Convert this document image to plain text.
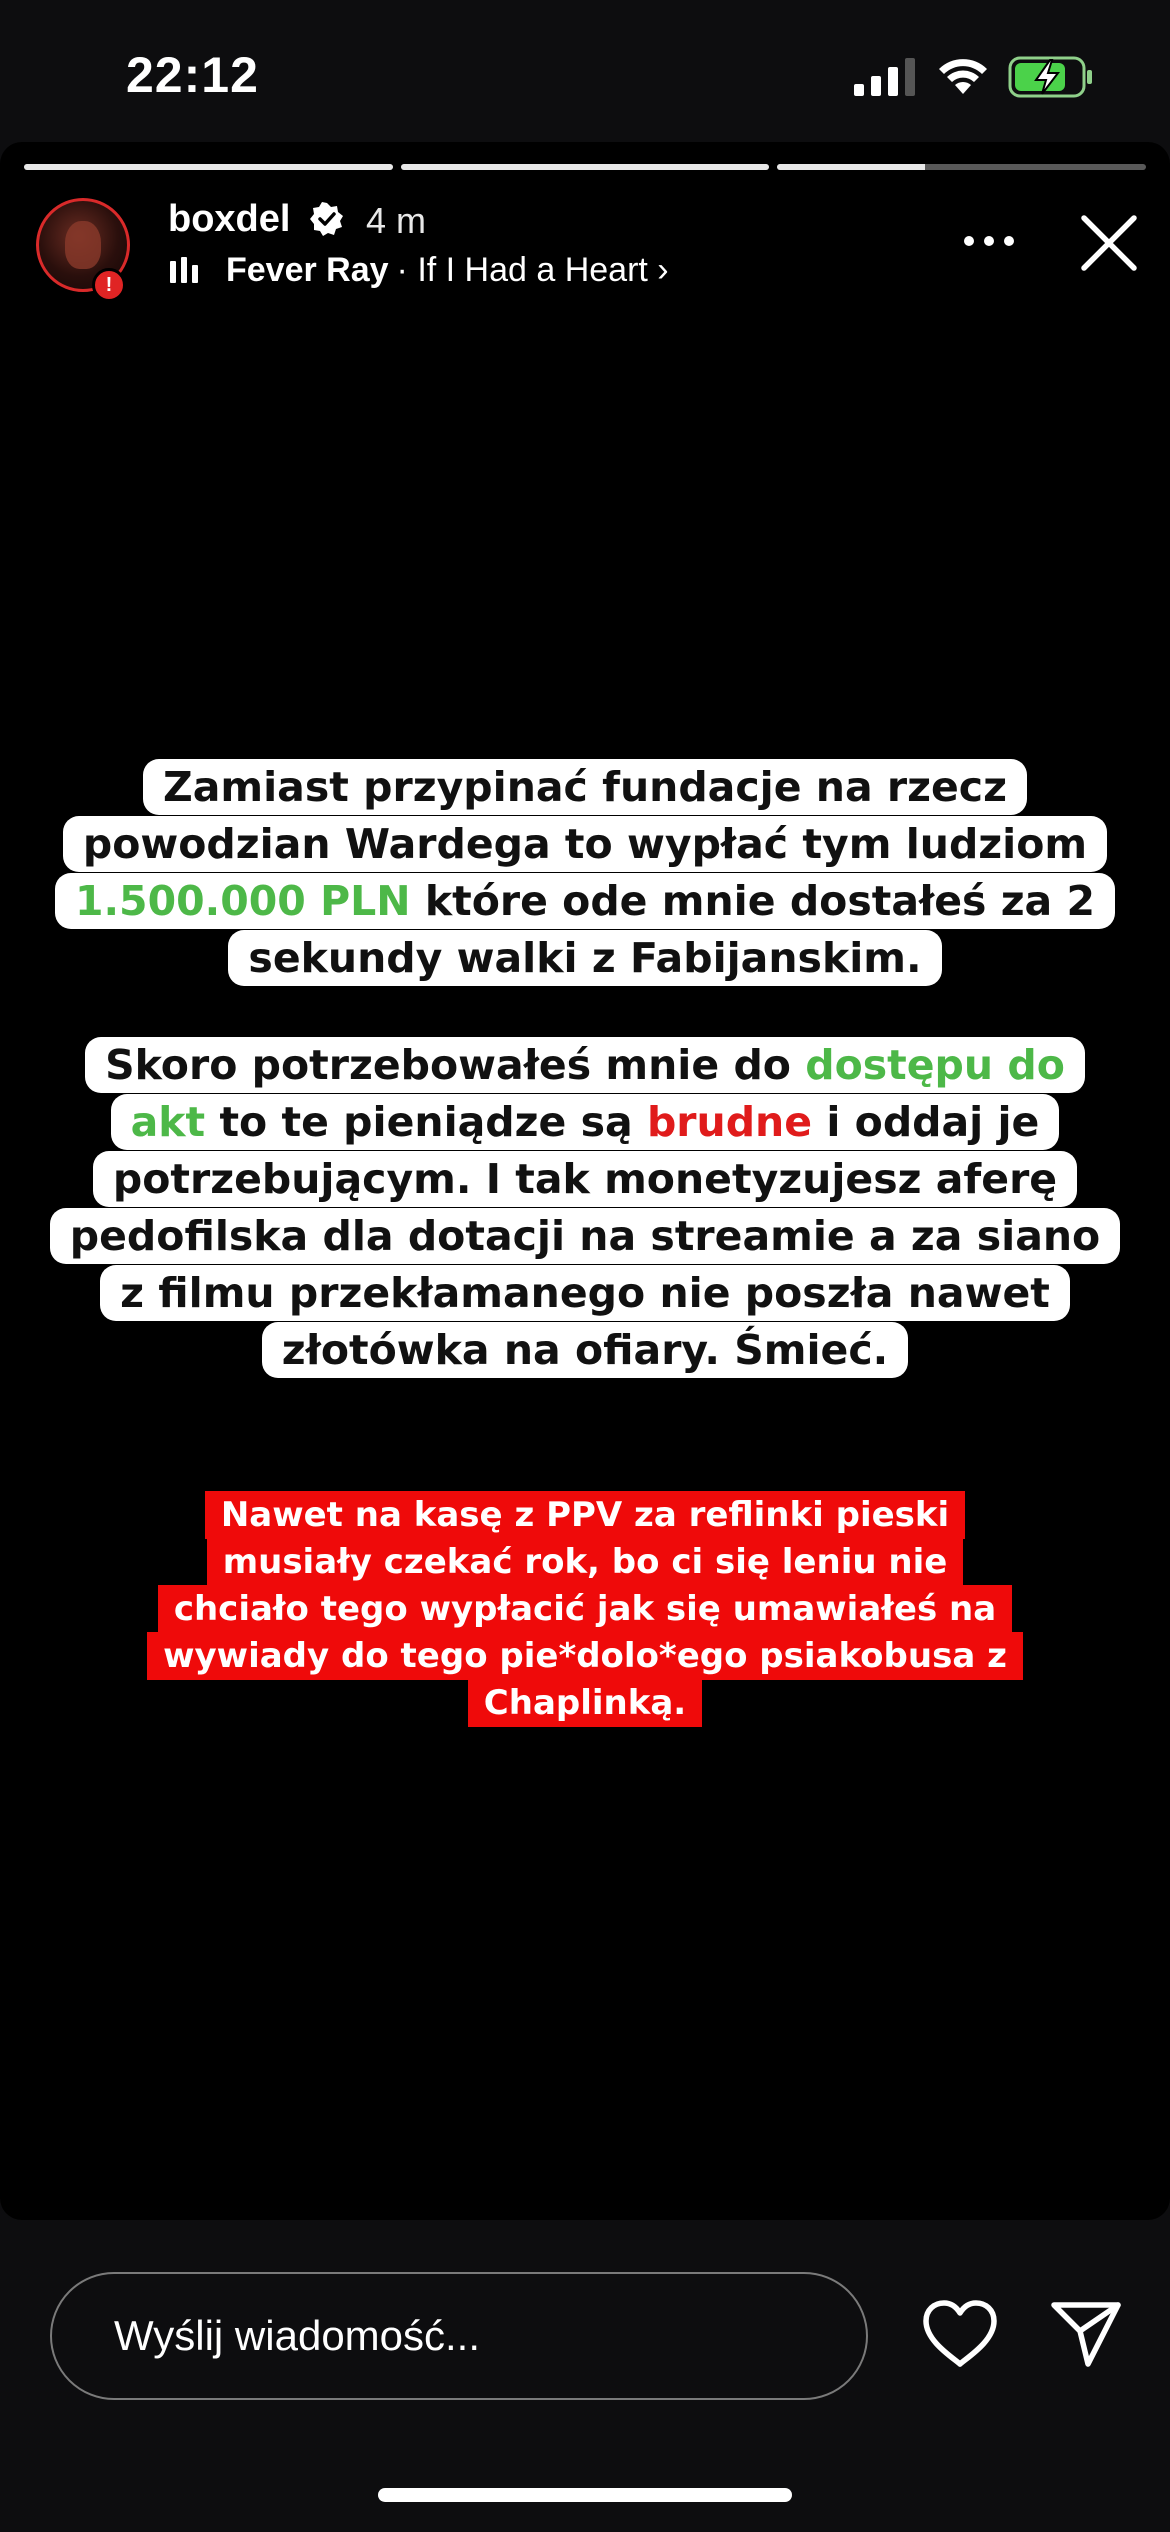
22:12
!
boxdel 4 m
Fever Ray · If I Had a Heart ›
Zamiast przypinać fundacje na rzecz
powodzian Wardega to wypłać tym ludziom
1.500.000 PLN które ode mnie dostałeś za 2
sekundy walki z Fabijanskim.
Skoro potrzebowałeś mnie do dostępu do
akt to te pieniądze są brudne i oddaj je
potrzebującym. I tak monetyzujesz aferę
pedofilska dla dotacji na streamie a za siano
z filmu przekłamanego nie poszła nawet
złotówka na ofiary. Śmieć.
Nawet na kasę z PPV za reflinki pieski
musiały czekać rok, bo ci się leniu nie
chciało tego wypłacić jak się umawiałeś na
wywiady do tego pie*dolo*ego psiakobusa z
Chaplinką.
Wyślij wiadomość...
